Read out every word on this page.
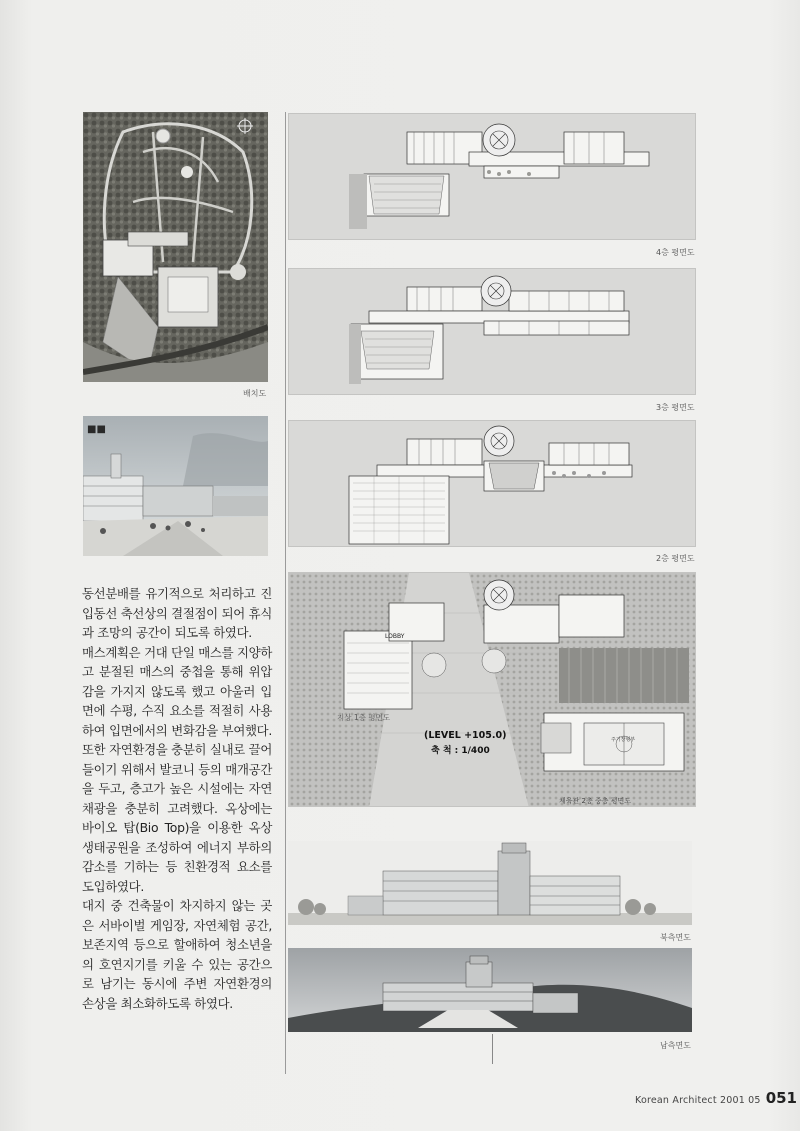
배치도
■■

동선분배를 유기적으로 처리하고 진입동선 축선상의 결절점이 되어 휴식과 조망의 공간이 되도록 하였다.

매스계획은 거대 단일 매스를 지양하고 분절된 매스의 중첩을 통해 위압감을 가지지 않도록 했고 아울러 입면에 수평, 수직 요소를 적절히 사용하여 입면에서의 변화감을 부여했다. 또한 자연환경을 충분히 실내로 끌어들이기 위해서 발코니 등의 매개공간을 두고, 층고가 높은 시설에는 자연채광을 충분히 고려했다. 옥상에는 바이오 탑(Bio Top)을 이용한 옥상생태공원을 조성하여 에너지 부하의 감소를 기하는 등 친환경적 요소를 도입하였다.

대지 중 건축물이 차지하지 않는 곳은 서바이벌 게임장, 자연체험 공간, 보존지역 등으로 할애하여 청소년을 의 호연지기를 키울 수 있는 공간으로 남기는 동시에 주변 자연환경의 손상을 최소화하도록 하였다.

4층 평면도
3층 평면도
2층 평면도
LOBBY
(LEVEL +105.0)
축 척 : 1/400
지상 1층 평면도
체육관 2층 중층 평면도
주기장형부
북측면도
남측면도
Korean Architect 2001 05 051
